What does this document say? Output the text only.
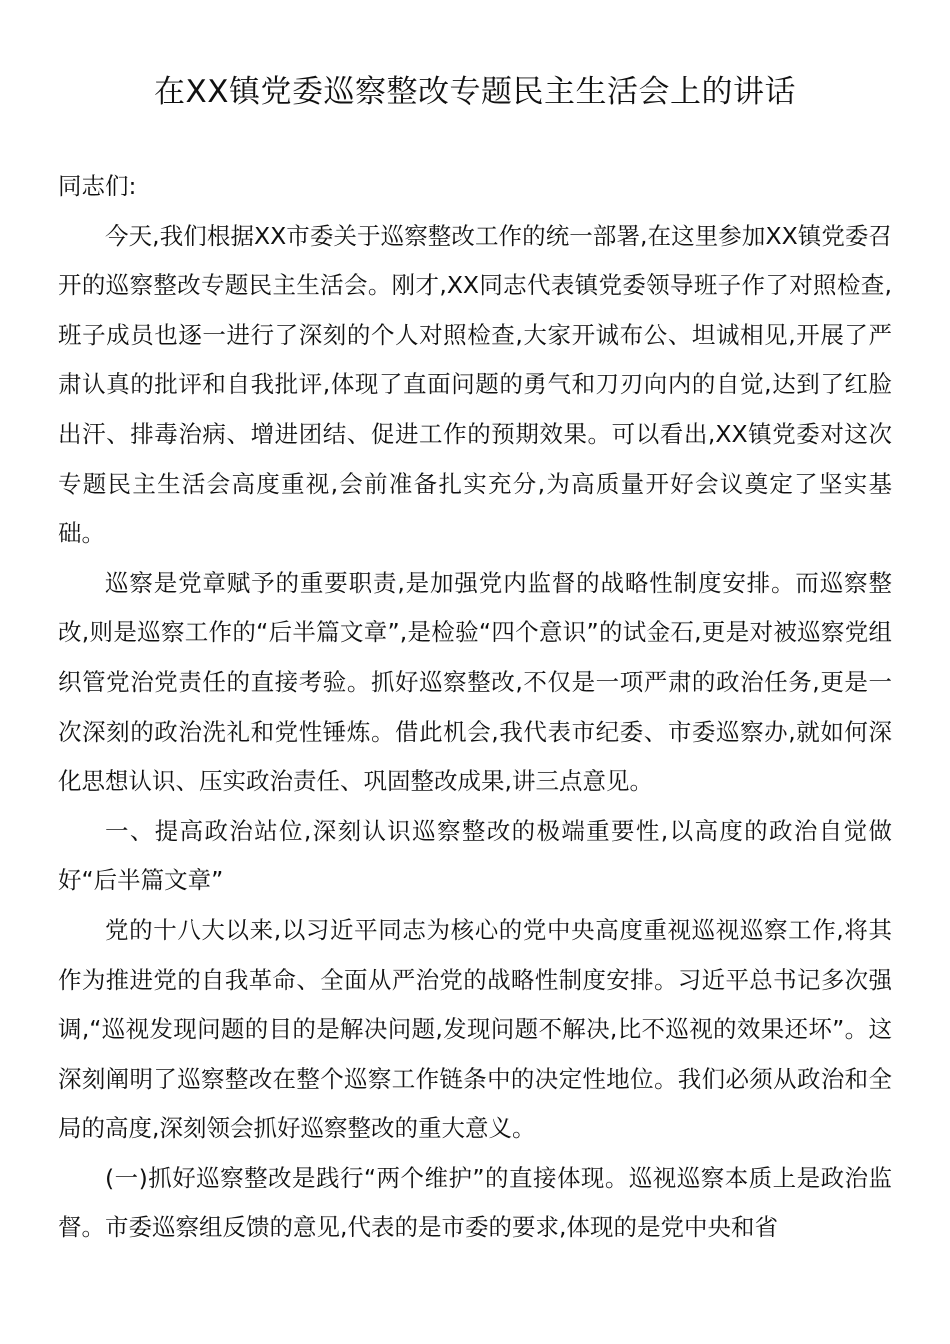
在XX镇党委巡察整改专题民主生活会上的讲话

同志们:

今天,我们根据XX市委关于巡察整改工作的统一部署,在这里参加XX镇党委召开的巡察整改专题民主生活会。刚才,XX同志代表镇党委领导班子作了对照检查,班子成员也逐一进行了深刻的个人对照检查,大家开诚布公、坦诚相见,开展了严肃认真的批评和自我批评,体现了直面问题的勇气和刀刃向内的自觉,达到了红脸出汗、排毒治病、增进团结、促进工作的预期效果。可以看出,XX镇党委对这次专题民主生活会高度重视,会前准备扎实充分,为高质量开好会议奠定了坚实基础。

巡察是党章赋予的重要职责,是加强党内监督的战略性制度安排。而巡察整改,则是巡察工作的“后半篇文章”,是检验“四个意识”的试金石,更是对被巡察党组织管党治党责任的直接考验。抓好巡察整改,不仅是一项严肃的政治任务,更是一次深刻的政治洗礼和党性锤炼。借此机会,我代表市纪委、市委巡察办,就如何深化思想认识、压实政治责任、巩固整改成果,讲三点意见。

一、提高政治站位,深刻认识巡察整改的极端重要性,以高度的政治自觉做好“后半篇文章”

党的十八大以来,以习近平同志为核心的党中央高度重视巡视巡察工作,将其作为推进党的自我革命、全面从严治党的战略性制度安排。习近平总书记多次强调,“巡视发现问题的目的是解决问题,发现问题不解决,比不巡视的效果还坏”。这深刻阐明了巡察整改在整个巡察工作链条中的决定性地位。我们必须从政治和全局的高度,深刻领会抓好巡察整改的重大意义。

(一)抓好巡察整改是践行“两个维护”的直接体现。巡视巡察本质上是政治监督。市委巡察组反馈的意见,代表的是市委的要求,体现的是党中央和省
